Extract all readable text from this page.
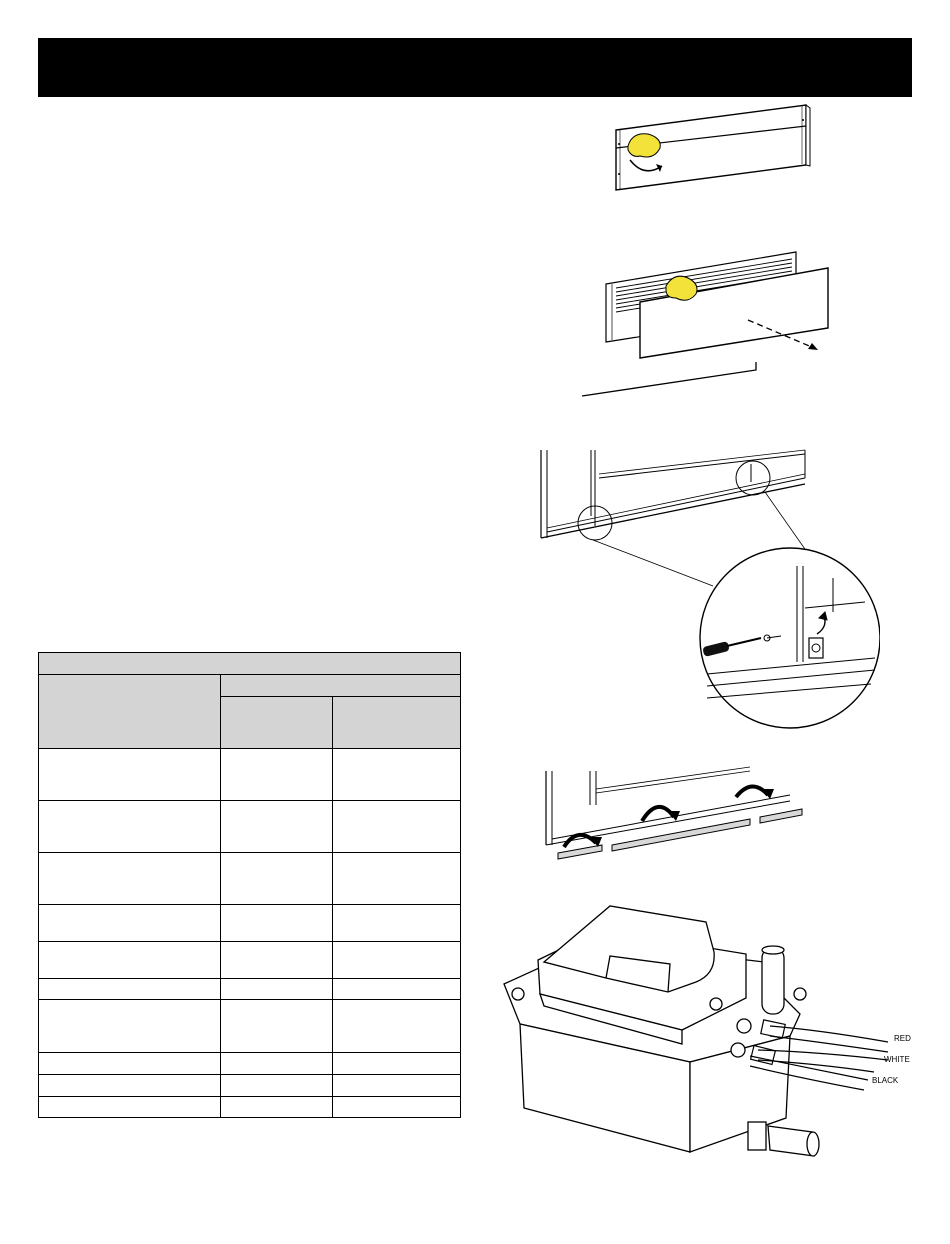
RED
WHITE
BLACK
